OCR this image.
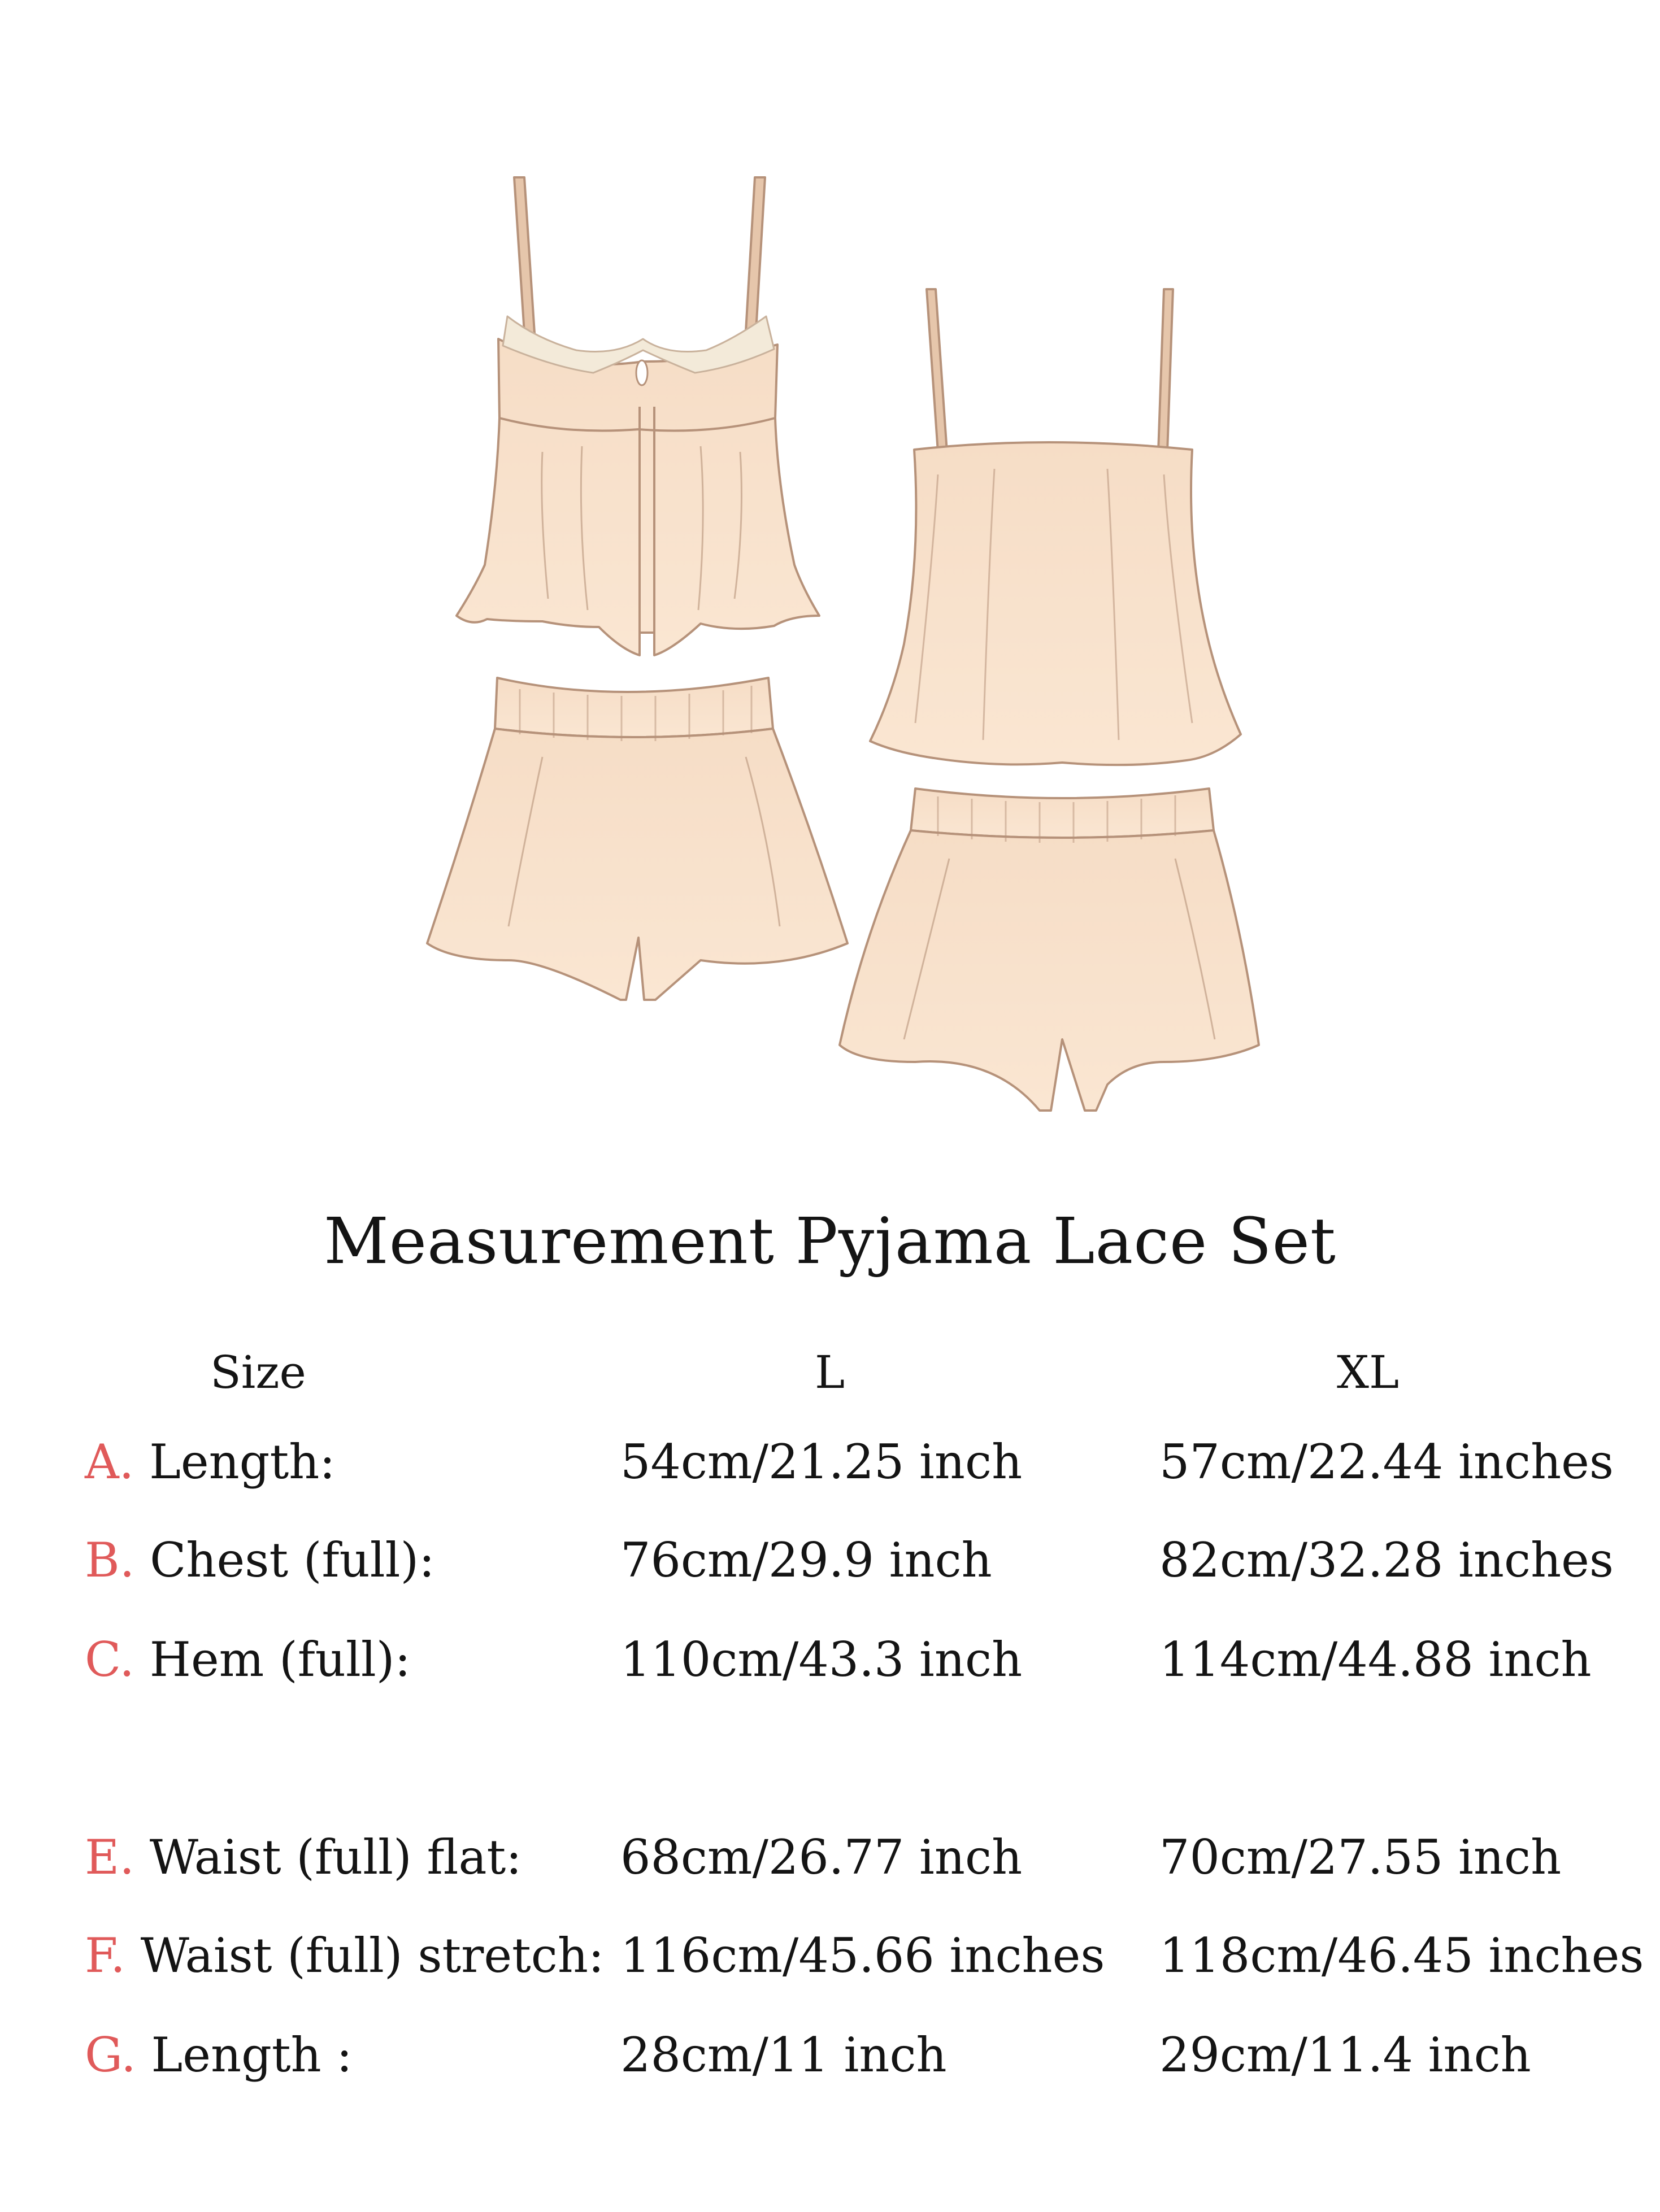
Measurement Pyjama Lace Set
Size	L	XL
A. Length:	54cm/21.25 inch	57cm/22.44 inches
B. Chest (full):	76cm/29.9 inch	82cm/32.28 inches
C. Hem (full):	110cm/43.3 inch	114cm/44.88 inch
E. Waist (full) flat: 68cm/26.77 inch	70cm/27.55 inch
F. Waist (full) stretch: 116cm/45.66 inches 118cm/46.45 inches
G. Length :	28cm/11 inch	29cm/11.4 inch
